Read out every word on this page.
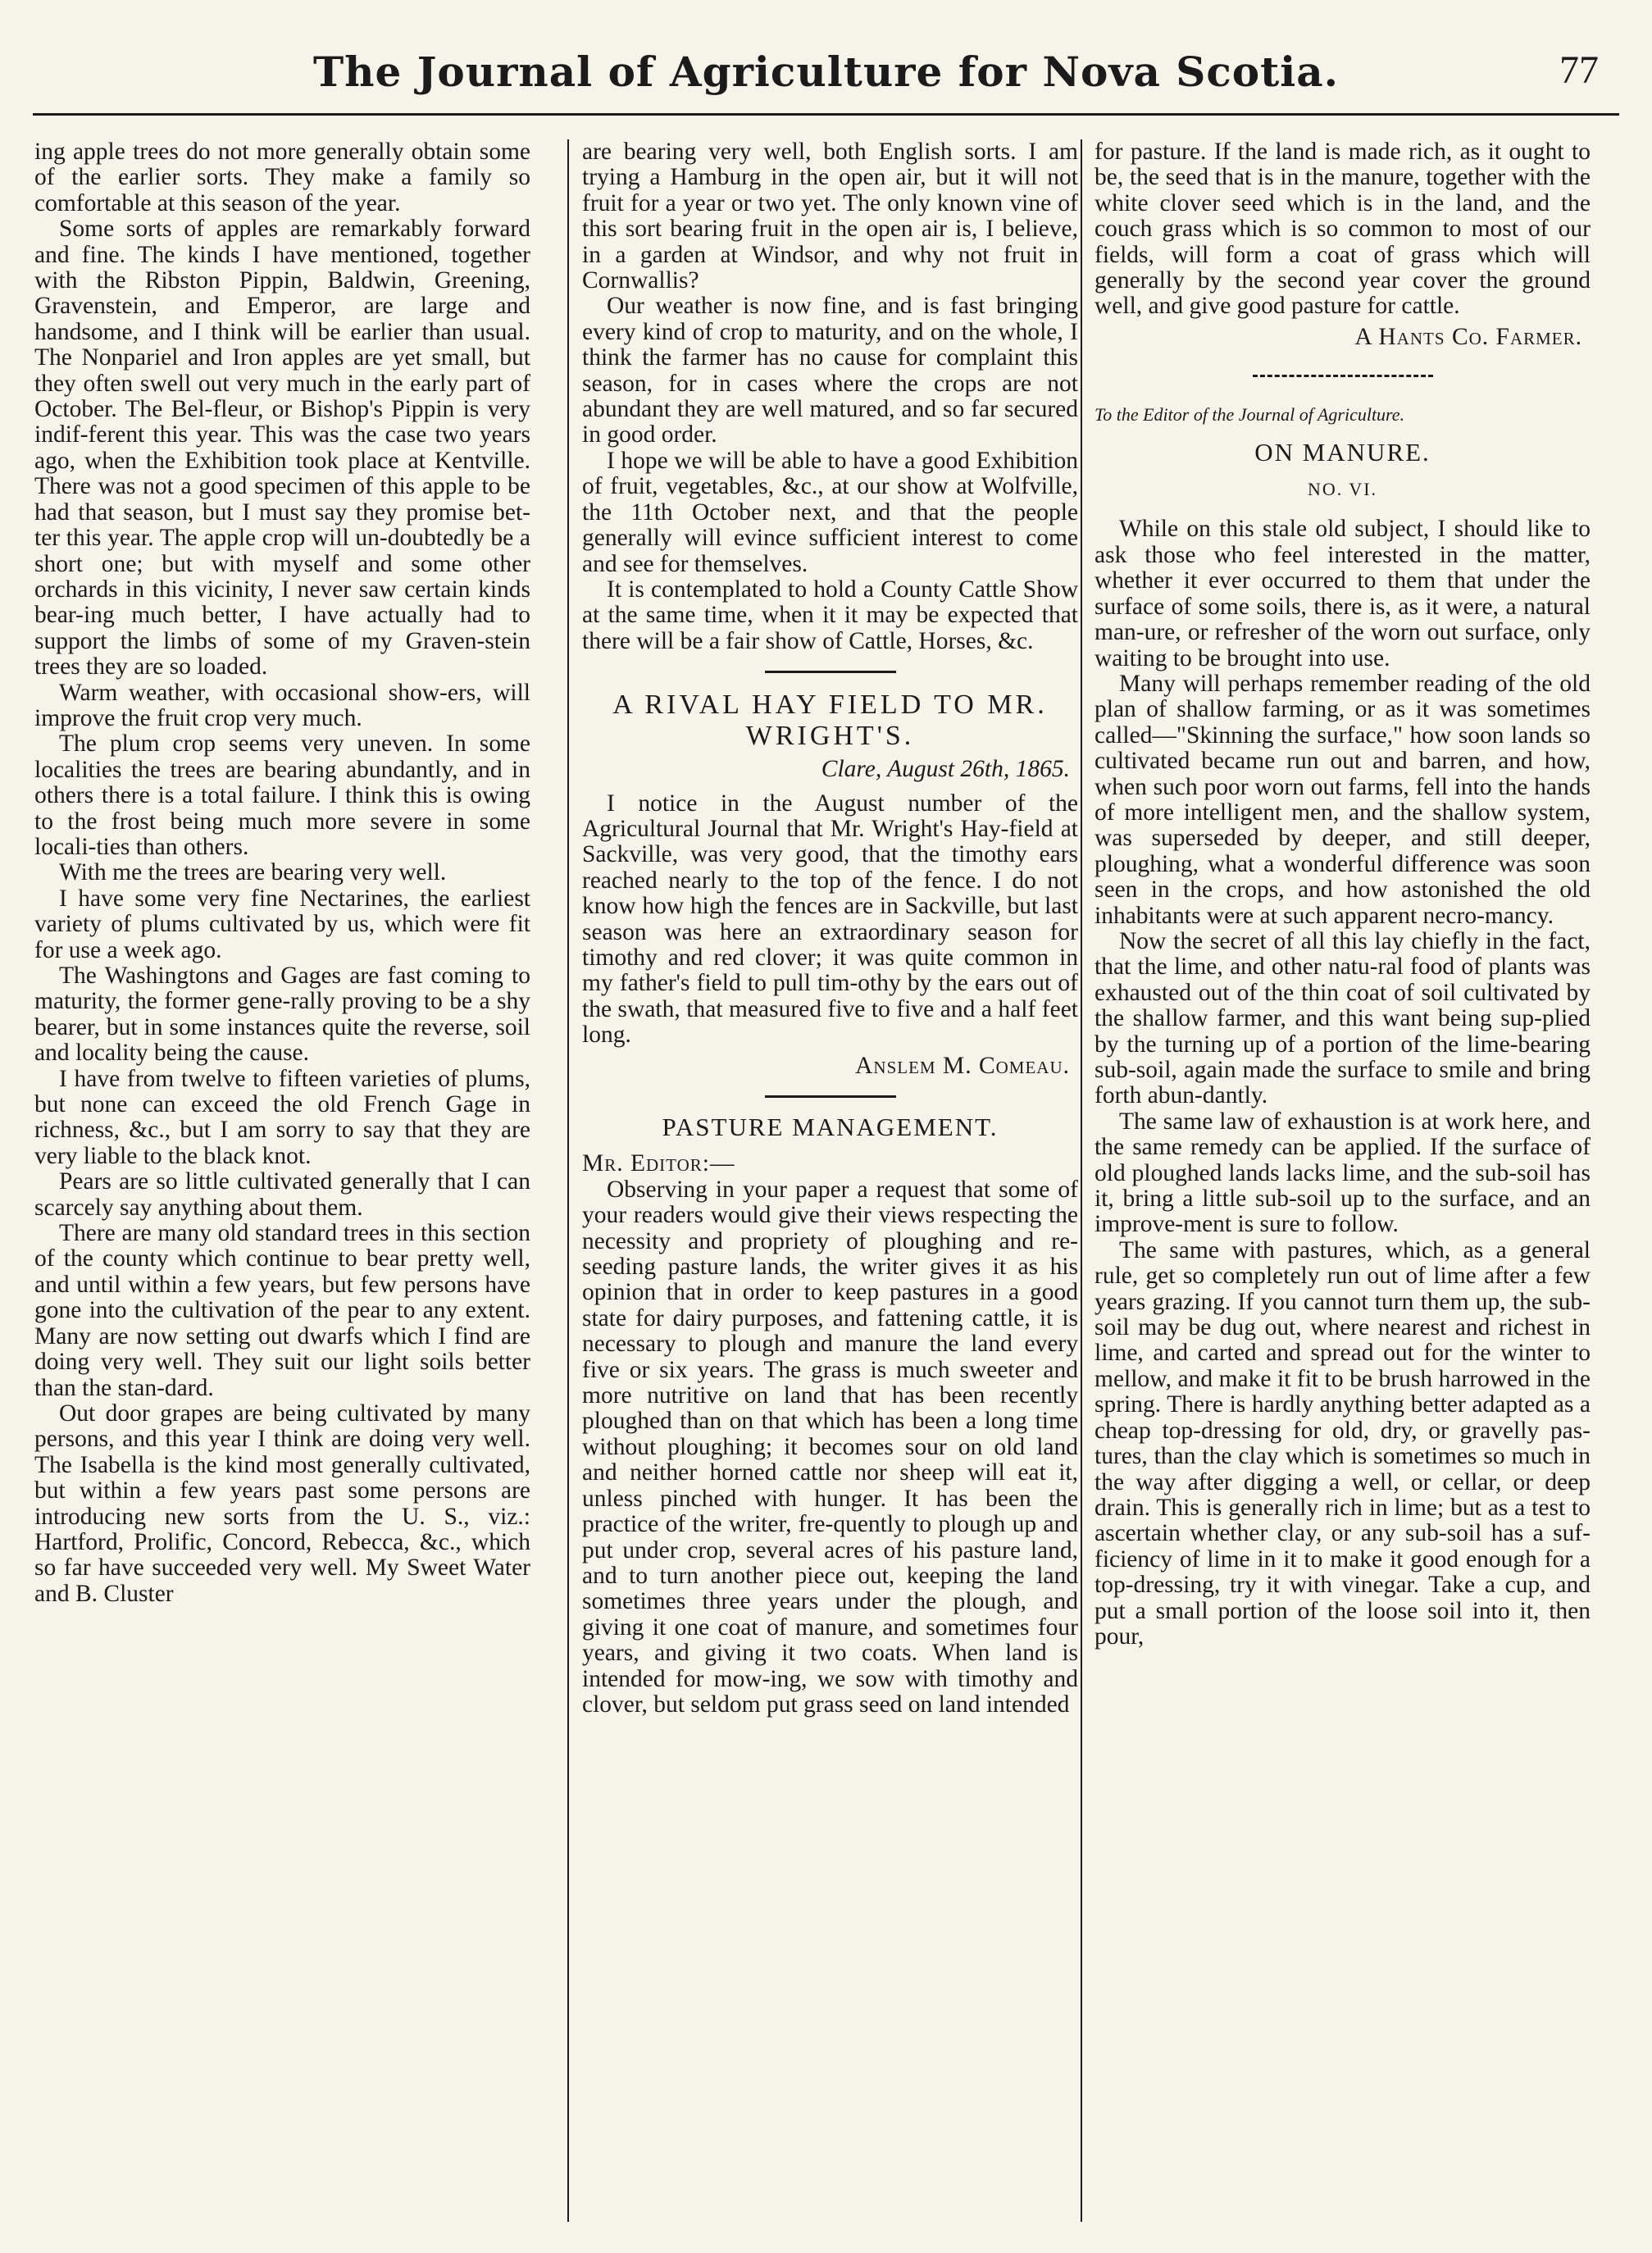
The Journal of Agriculture for Nova Scotia.	77

ing apple trees do not more generally obtain some of the earlier sorts. They make a family so comfortable at this season of the year.

Some sorts of apples are remarkably forward and fine. The kinds I have mentioned, together with the Ribston Pippin, Baldwin, Greening, Gravenstein, and Emperor, are large and handsome, and I think will be earlier than usual. The Nonpariel and Iron apples are yet small, but they often swell out very much in the early part of October. The Bel-fleur, or Bishop's Pippin is very indif-ferent this year. This was the case two years ago, when the Exhibition took place at Kentville. There was not a good specimen of this apple to be had that season, but I must say they promise bet-ter this year. The apple crop will un-doubtedly be a short one; but with myself and some other orchards in this vicinity, I never saw certain kinds bear-ing much better, I have actually had to support the limbs of some of my Graven-stein trees they are so loaded.

Warm weather, with occasional show-ers, will improve the fruit crop very much.

The plum crop seems very uneven. In some localities the trees are bearing abundantly, and in others there is a total failure. I think this is owing to the frost being much more severe in some locali-ties than others.

With me the trees are bearing very well.

I have some very fine Nectarines, the earliest variety of plums cultivated by us, which were fit for use a week ago.

The Washingtons and Gages are fast coming to maturity, the former gene-rally proving to be a shy bearer, but in some instances quite the reverse, soil and locality being the cause.

I have from twelve to fifteen varieties of plums, but none can exceed the old French Gage in richness, &c., but I am sorry to say that they are very liable to the black knot.

Pears are so little cultivated generally that I can scarcely say anything about them.

There are many old standard trees in this section of the county which continue to bear pretty well, and until within a few years, but few persons have gone into the cultivation of the pear to any extent. Many are now setting out dwarfs which I find are doing very well. They suit our light soils better than the stan-dard.

Out door grapes are being cultivated by many persons, and this year I think are doing very well. The Isabella is the kind most generally cultivated, but within a few years past some persons are introducing new sorts from the U. S., viz.: Hartford, Prolific, Concord, Rebecca, &c., which so far have succeeded very well. My Sweet Water and B. Cluster

are bearing very well, both English sorts. I am trying a Hamburg in the open air, but it will not fruit for a year or two yet. The only known vine of this sort bearing fruit in the open air is, I believe, in a garden at Windsor, and why not fruit in Cornwallis?

Our weather is now fine, and is fast bringing every kind of crop to maturity, and on the whole, I think the farmer has no cause for complaint this season, for in cases where the crops are not abundant they are well matured, and so far secured in good order.

I hope we will be able to have a good Exhibition of fruit, vegetables, &c., at our show at Wolfville, the 11th October next, and that the people generally will evince sufficient interest to come and see for themselves.

It is contemplated to hold a County Cattle Show at the same time, when it it may be expected that there will be a fair show of Cattle, Horses, &c.

A RIVAL HAY FIELD TO MR. WRIGHT'S.
Clare, August 26th, 1865.

I notice in the August number of the Agricultural Journal that Mr. Wright's Hay-field at Sackville, was very good, that the timothy ears reached nearly to the top of the fence. I do not know how high the fences are in Sackville, but last season was here an extraordinary season for timothy and red clover; it was quite common in my father's field to pull tim-othy by the ears out of the swath, that measured five to five and a half feet long.

Anslem M. Comeau.
PASTURE MANAGEMENT.

Mr. Editor:—

Observing in your paper a request that some of your readers would give their views respecting the necessity and propriety of ploughing and re-seeding pasture lands, the writer gives it as his opinion that in order to keep pastures in a good state for dairy purposes, and fattening cattle, it is necessary to plough and manure the land every five or six years. The grass is much sweeter and more nutritive on land that has been recently ploughed than on that which has been a long time without ploughing; it becomes sour on old land and neither horned cattle nor sheep will eat it, unless pinched with hunger. It has been the practice of the writer, fre-quently to plough up and put under crop, several acres of his pasture land, and to turn another piece out, keeping the land sometimes three years under the plough, and giving it one coat of manure, and sometimes four years, and giving it two coats. When land is intended for mow-ing, we sow with timothy and clover, but seldom put grass seed on land intended

for pasture. If the land is made rich, as it ought to be, the seed that is in the manure, together with the white clover seed which is in the land, and the couch grass which is so common to most of our fields, will form a coat of grass which will generally by the second year cover the ground well, and give good pasture for cattle.

A Hants Co. Farmer.

To the Editor of the Journal of Agriculture.

ON MANURE.
NO. VI.

While on this stale old subject, I should like to ask those who feel interested in the matter, whether it ever occurred to them that under the surface of some soils, there is, as it were, a natural man-ure, or refresher of the worn out surface, only waiting to be brought into use.

Many will perhaps remember reading of the old plan of shallow farming, or as it was sometimes called—"Skinning the surface," how soon lands so cultivated became run out and barren, and how, when such poor worn out farms, fell into the hands of more intelligent men, and the shallow system, was superseded by deeper, and still deeper, ploughing, what a wonderful difference was soon seen in the crops, and how astonished the old inhabitants were at such apparent necro-mancy.

Now the secret of all this lay chiefly in the fact, that the lime, and other natu-ral food of plants was exhausted out of the thin coat of soil cultivated by the shallow farmer, and this want being sup-plied by the turning up of a portion of the lime-bearing sub-soil, again made the surface to smile and bring forth abun-dantly.

The same law of exhaustion is at work here, and the same remedy can be applied. If the surface of old ploughed lands lacks lime, and the sub-soil has it, bring a little sub-soil up to the surface, and an improve-ment is sure to follow.

The same with pastures, which, as a general rule, get so completely run out of lime after a few years grazing. If you cannot turn them up, the sub-soil may be dug out, where nearest and richest in lime, and carted and spread out for the winter to mellow, and make it fit to be brush harrowed in the spring. There is hardly anything better adapted as a cheap top-dressing for old, dry, or gravelly pas-tures, than the clay which is sometimes so much in the way after digging a well, or cellar, or deep drain. This is generally rich in lime; but as a test to ascertain whether clay, or any sub-soil has a suf-ficiency of lime in it to make it good enough for a top-dressing, try it with vinegar. Take a cup, and put a small portion of the loose soil into it, then pour,
